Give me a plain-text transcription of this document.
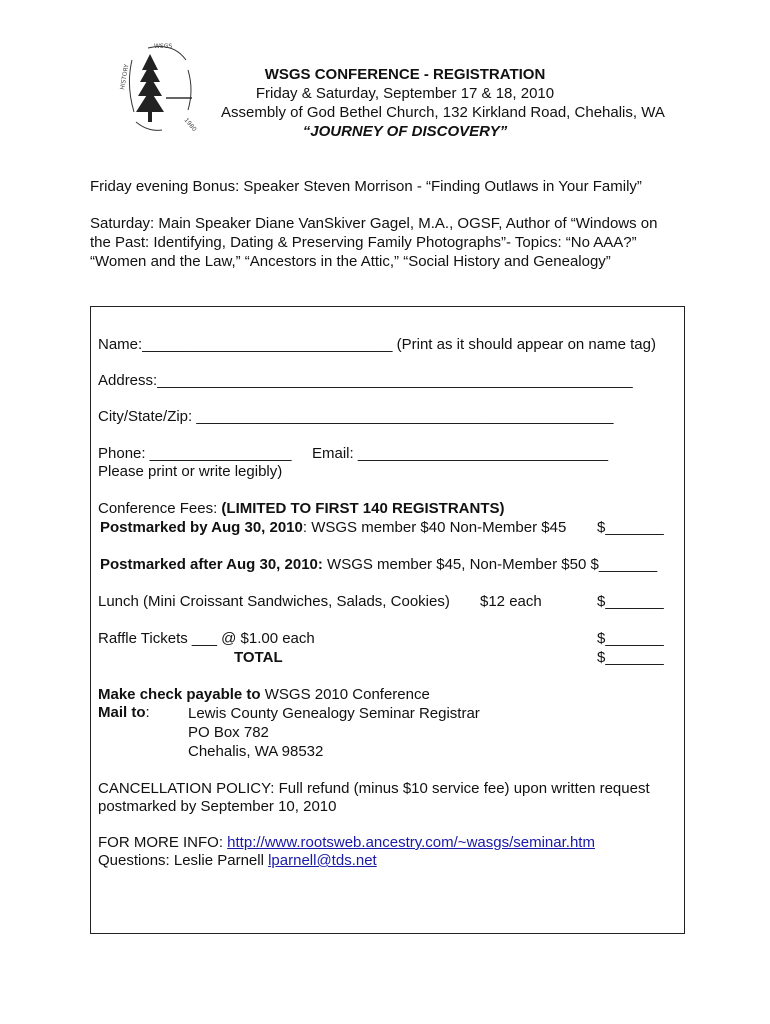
WSGS
HISTORY
1980
WSGS CONFERENCE - REGISTRATION
Friday & Saturday, September 17 & 18, 2010
Assembly of God Bethel Church, 132 Kirkland Road, Chehalis, WA
“JOURNEY OF DISCOVERY”
Friday evening Bonus: Speaker Steven Morrison - “Finding Outlaws in Your Family”
Saturday: Main Speaker Diane VanSkiver Gagel, M.A., OGSF, Author of “Windows on
the Past: Identifying, Dating & Preserving Family Photographs”- Topics: “No AAA?”
“Women and the Law,” “Ancestors in the Attic,” “Social History and Genealogy”
Name:______________________________ (Print as it should appear on name tag)
Address:_________________________________________________________
City/State/Zip: __________________________________________________
Phone: _________________ Email: ______________________________
Please print or write legibly)
Conference Fees: (LIMITED TO FIRST 140 REGISTRANTS)
Postmarked by Aug 30, 2010: WSGS member $40 Non-Member $45 $_______
Postmarked after Aug 30, 2010: WSGS member $45, Non-Member $50 $_______
Lunch (Mini Croissant Sandwiches, Salads, Cookies) $12 each	$_______
Raffle Tickets ___ @ $1.00 each	$_______
TOTAL	$_______
Make check payable to WSGS 2010 Conference
Mail to:	Lewis County Genealogy Seminar Registrar
PO Box 782
Chehalis, WA 98532
CANCELLATION POLICY: Full refund (minus $10 service fee) upon written request
postmarked by September 10, 2010
FOR MORE INFO: http://www.rootsweb.ancestry.com/~wasgs/seminar.htm
Questions: Leslie Parnell lparnell@tds.net
